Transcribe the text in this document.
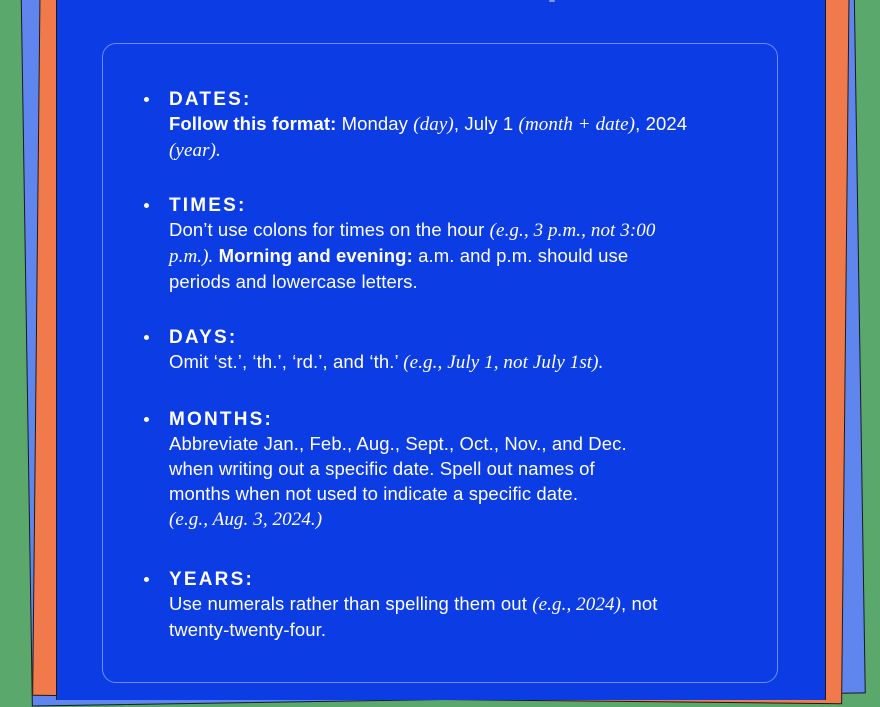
DATES:
Follow this format: Monday (day), July 1 (month + date), 2024
(year).
TIMES:
Don’t use colons for times on the hour (e.g., 3 p.m., not 3:00
p.m.). Morning and evening: a.m. and p.m. should use
periods and lowercase letters.
DAYS:
Omit ‘st.’, ‘th.’, ‘rd.’, and ‘th.’ (e.g., July 1, not July 1st).
MONTHS:
Abbreviate Jan., Feb., Aug., Sept., Oct., Nov., and Dec.
when writing out a specific date. Spell out names of
months when not used to indicate a specific date.
(e.g., Aug. 3, 2024.)
YEARS:
Use numerals rather than spelling them out (e.g., 2024), not
twenty-twenty-four.
